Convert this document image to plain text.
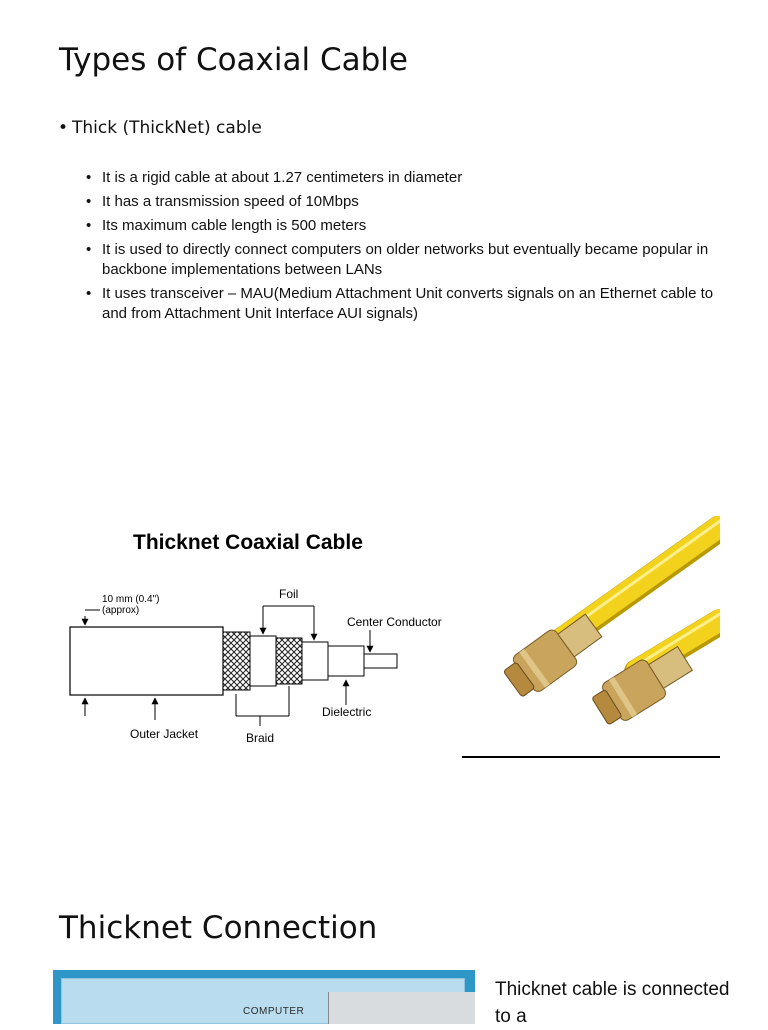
Types of Coaxial Cable
• Thick (ThickNet) cable
• It is a rigid cable at about 1.27 centimeters in diameter
• It has a transmission speed of 10Mbps
• Its maximum cable length is 500 meters
• It is used to directly connect computers on older networks but eventually became popular in backbone implementations between LANs
• It uses transceiver – MAU(Medium Attachment Unit converts signals on an Ethernet cable to and from Attachment Unit Interface AUI signals)
Thicknet Coaxial Cable
10 mm (0.4")
(approx)
Foil
Center Conductor
Dielectric
Outer Jacket	Braid
Thicknet Connection
COMPUTER
Thicknet cable is connected to a
